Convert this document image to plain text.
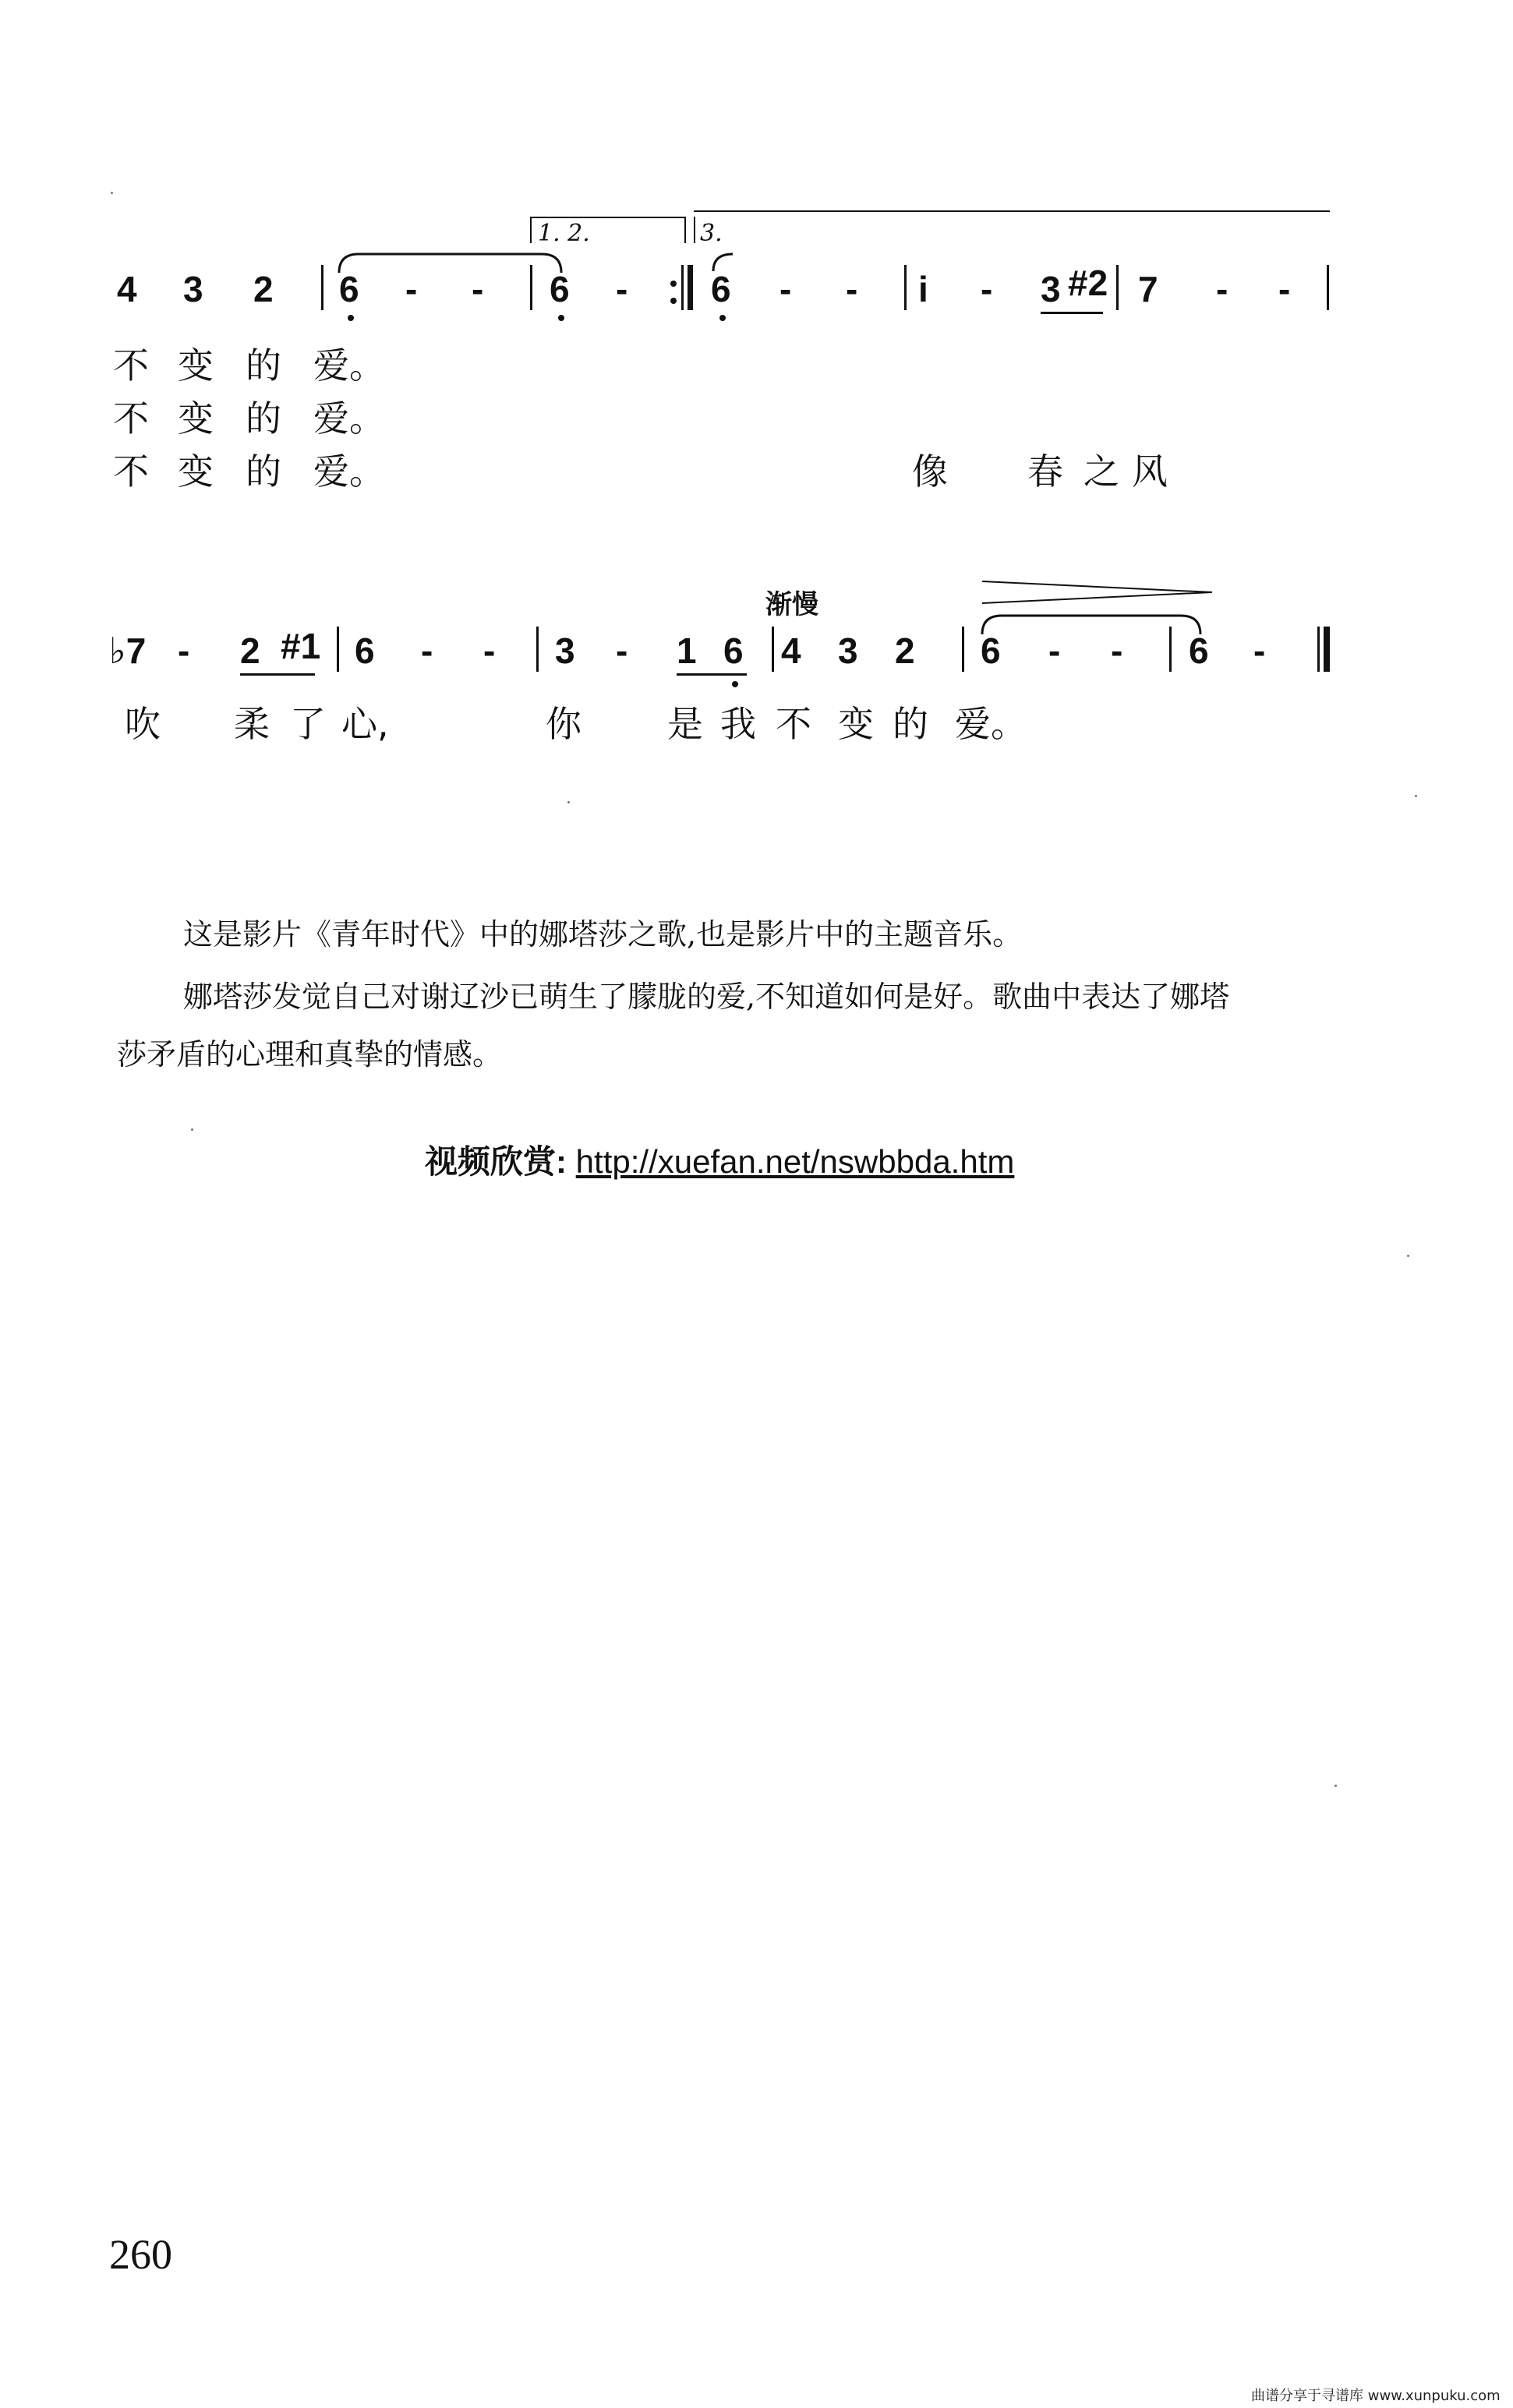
1. 2.	3.
4 3 2 6 - - 6 - 6 - - i - 3 #2 7 - -
不 变 的 爱。
不 变 的 爱。
不 变 的 爱。	像 春 之 风
渐慢
♭7 - 2 #1 6 - - 3 - 1 6 4 3 2 6 - - 6 -
吹 柔 了 心,	你 是 我 不 变 的 爱。
这是影片《青年时代》中的娜塔莎之歌,也是影片中的主题音乐。
娜塔莎发觉自己对谢辽沙已萌生了朦胧的爱,不知道如何是好。歌曲中表达了娜塔
莎矛盾的心理和真挚的情感。
视频欣赏: http://xuefan.net/nswbbda.htm
260
曲谱分享于寻谱库 www.xunpuku.com
